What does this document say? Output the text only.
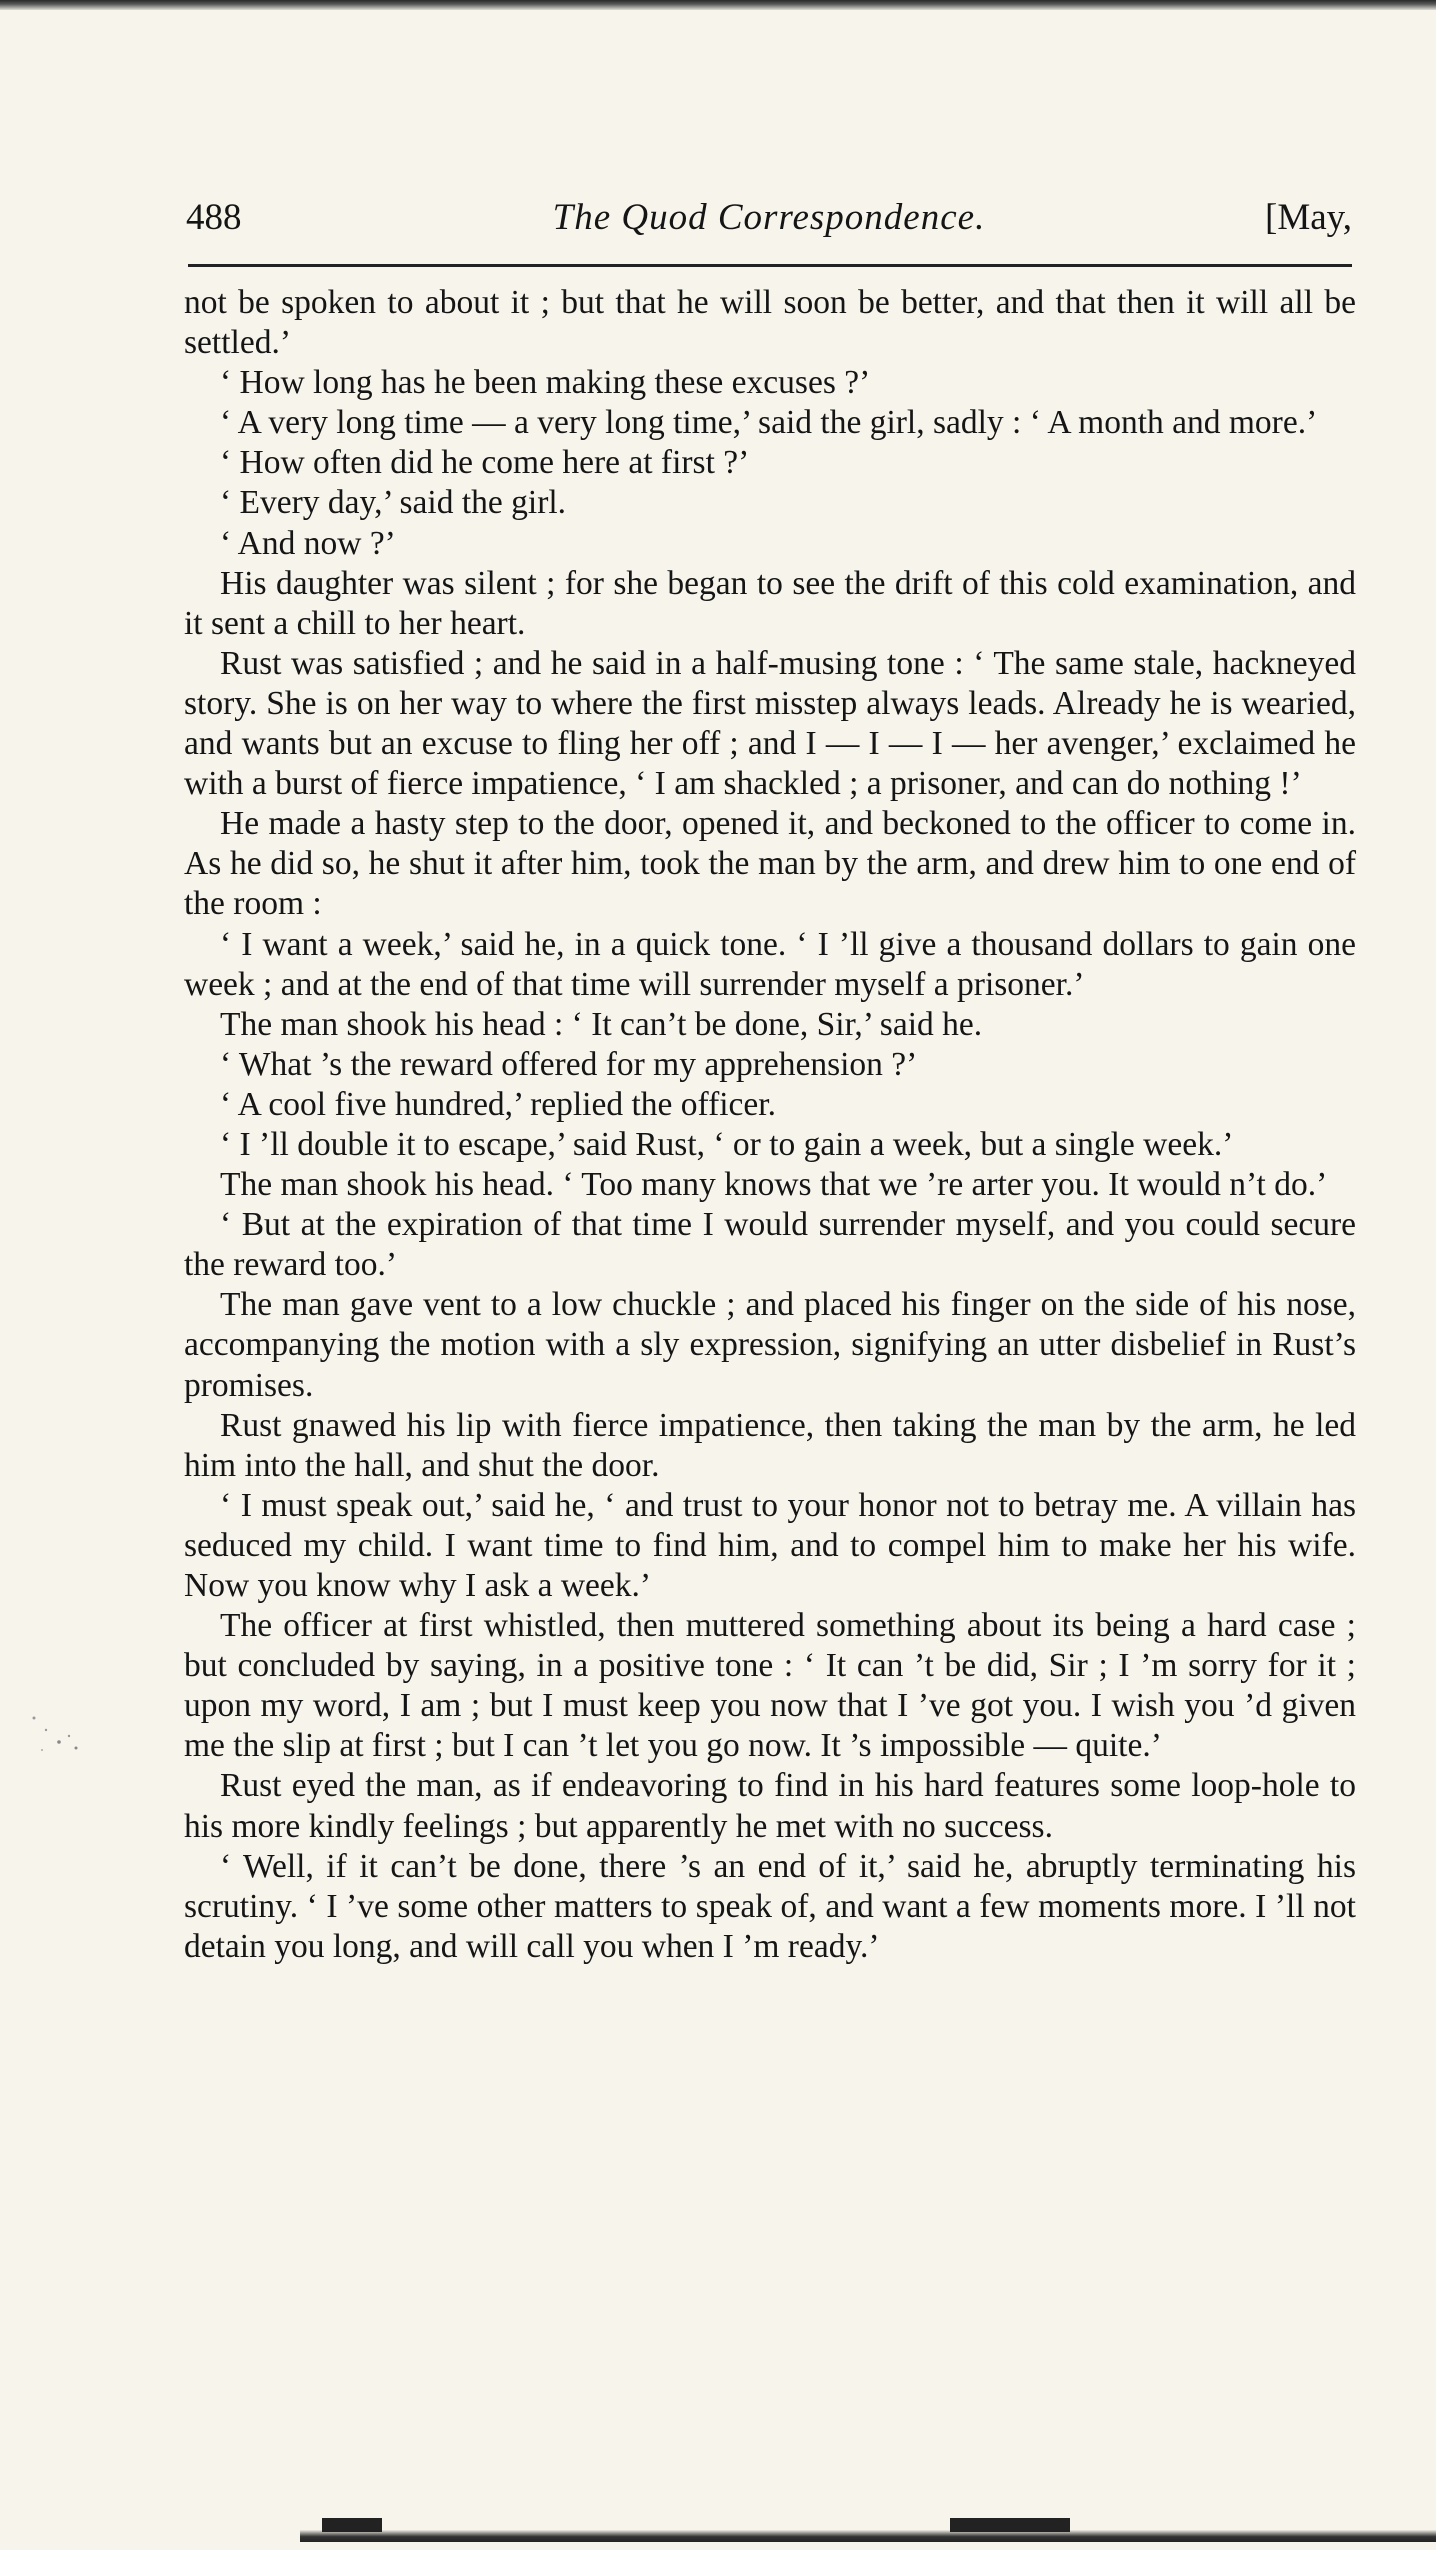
488	The Quod Correspondence.	[May,

not be spoken to about it ; but that he will soon be better, and that then it will all be settled.’

‘ How long has he been making these excuses ?’

‘ A very long time — a very long time,’ said the girl, sadly : ‘ A month and more.’

‘ How often did he come here at first ?’

‘ Every day,’ said the girl.

‘ And now ?’

His daughter was silent ; for she began to see the drift of this cold examination, and it sent a chill to her heart.

Rust was satisfied ; and he said in a half-musing tone : ‘ The same stale, hackneyed story. She is on her way to where the first misstep always leads. Already he is wearied, and wants but an excuse to fling her off ; and I — I — I — her avenger,’ exclaimed he with a burst of fierce impatience, ‘ I am shackled ; a prisoner, and can do nothing !’

He made a hasty step to the door, opened it, and beckoned to the officer to come in. As he did so, he shut it after him, took the man by the arm, and drew him to one end of the room :

‘ I want a week,’ said he, in a quick tone. ‘ I ’ll give a thousand dollars to gain one week ; and at the end of that time will surrender myself a prisoner.’

The man shook his head : ‘ It can’t be done, Sir,’ said he.

‘ What ’s the reward offered for my apprehension ?’

‘ A cool five hundred,’ replied the officer.

‘ I ’ll double it to escape,’ said Rust, ‘ or to gain a week, but a single week.’

The man shook his head. ‘ Too many knows that we ’re arter you. It would n’t do.’

‘ But at the expiration of that time I would surrender myself, and you could secure the reward too.’

The man gave vent to a low chuckle ; and placed his finger on the side of his nose, accompanying the motion with a sly expression, signifying an utter disbelief in Rust’s promises.

Rust gnawed his lip with fierce impatience, then taking the man by the arm, he led him into the hall, and shut the door.

‘ I must speak out,’ said he, ‘ and trust to your honor not to betray me. A villain has seduced my child. I want time to find him, and to compel him to make her his wife. Now you know why I ask a week.’

The officer at first whistled, then muttered something about its being a hard case ; but concluded by saying, in a positive tone : ‘ It can ’t be did, Sir ; I ’m sorry for it ; upon my word, I am ; but I must keep you now that I ’ve got you. I wish you ’d given me the slip at first ; but I can ’t let you go now. It ’s impossible — quite.’

Rust eyed the man, as if endeavoring to find in his hard features some loop-hole to his more kindly feelings ; but apparently he met with no success.

‘ Well, if it can’t be done, there ’s an end of it,’ said he, abruptly terminating his scrutiny. ‘ I ’ve some other matters to speak of, and want a few moments more. I ’ll not detain you long, and will call you when I ’m ready.’
